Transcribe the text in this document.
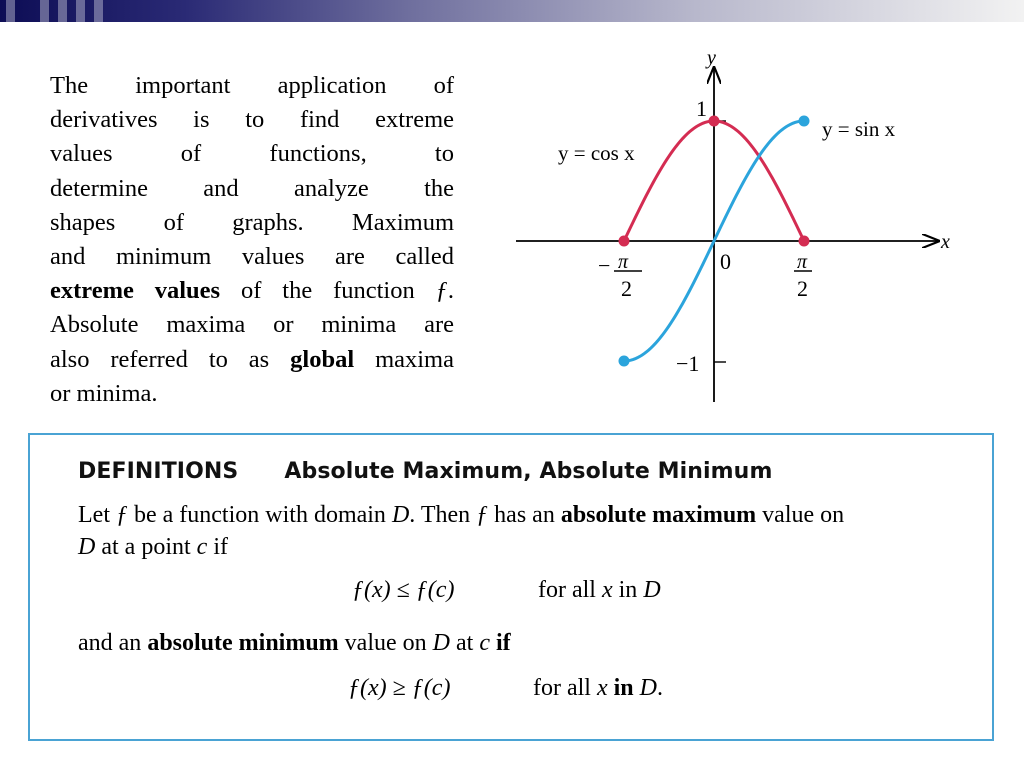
The important application of
derivatives is to find extreme
values of functions, to
determine and analyze the
shapes of graphs. Maximum
and minimum values are called
extreme values of the function ƒ.
Absolute maxima or minima are
also referred to as global maxima
or minima.
y
x
1
−1
0
− π
2
π
2
y = cos x
y = sin x
DEFINITIONS Absolute Maximum, Absolute Minimum
Let ƒ be a function with domain D. Then ƒ has an absolute maximum value on
D at a point c if
ƒ(x) ≤ ƒ(c)	for all x in D
and an absolute minimum value on D at c if
ƒ(x) ≥ ƒ(c)	for all x in D.
